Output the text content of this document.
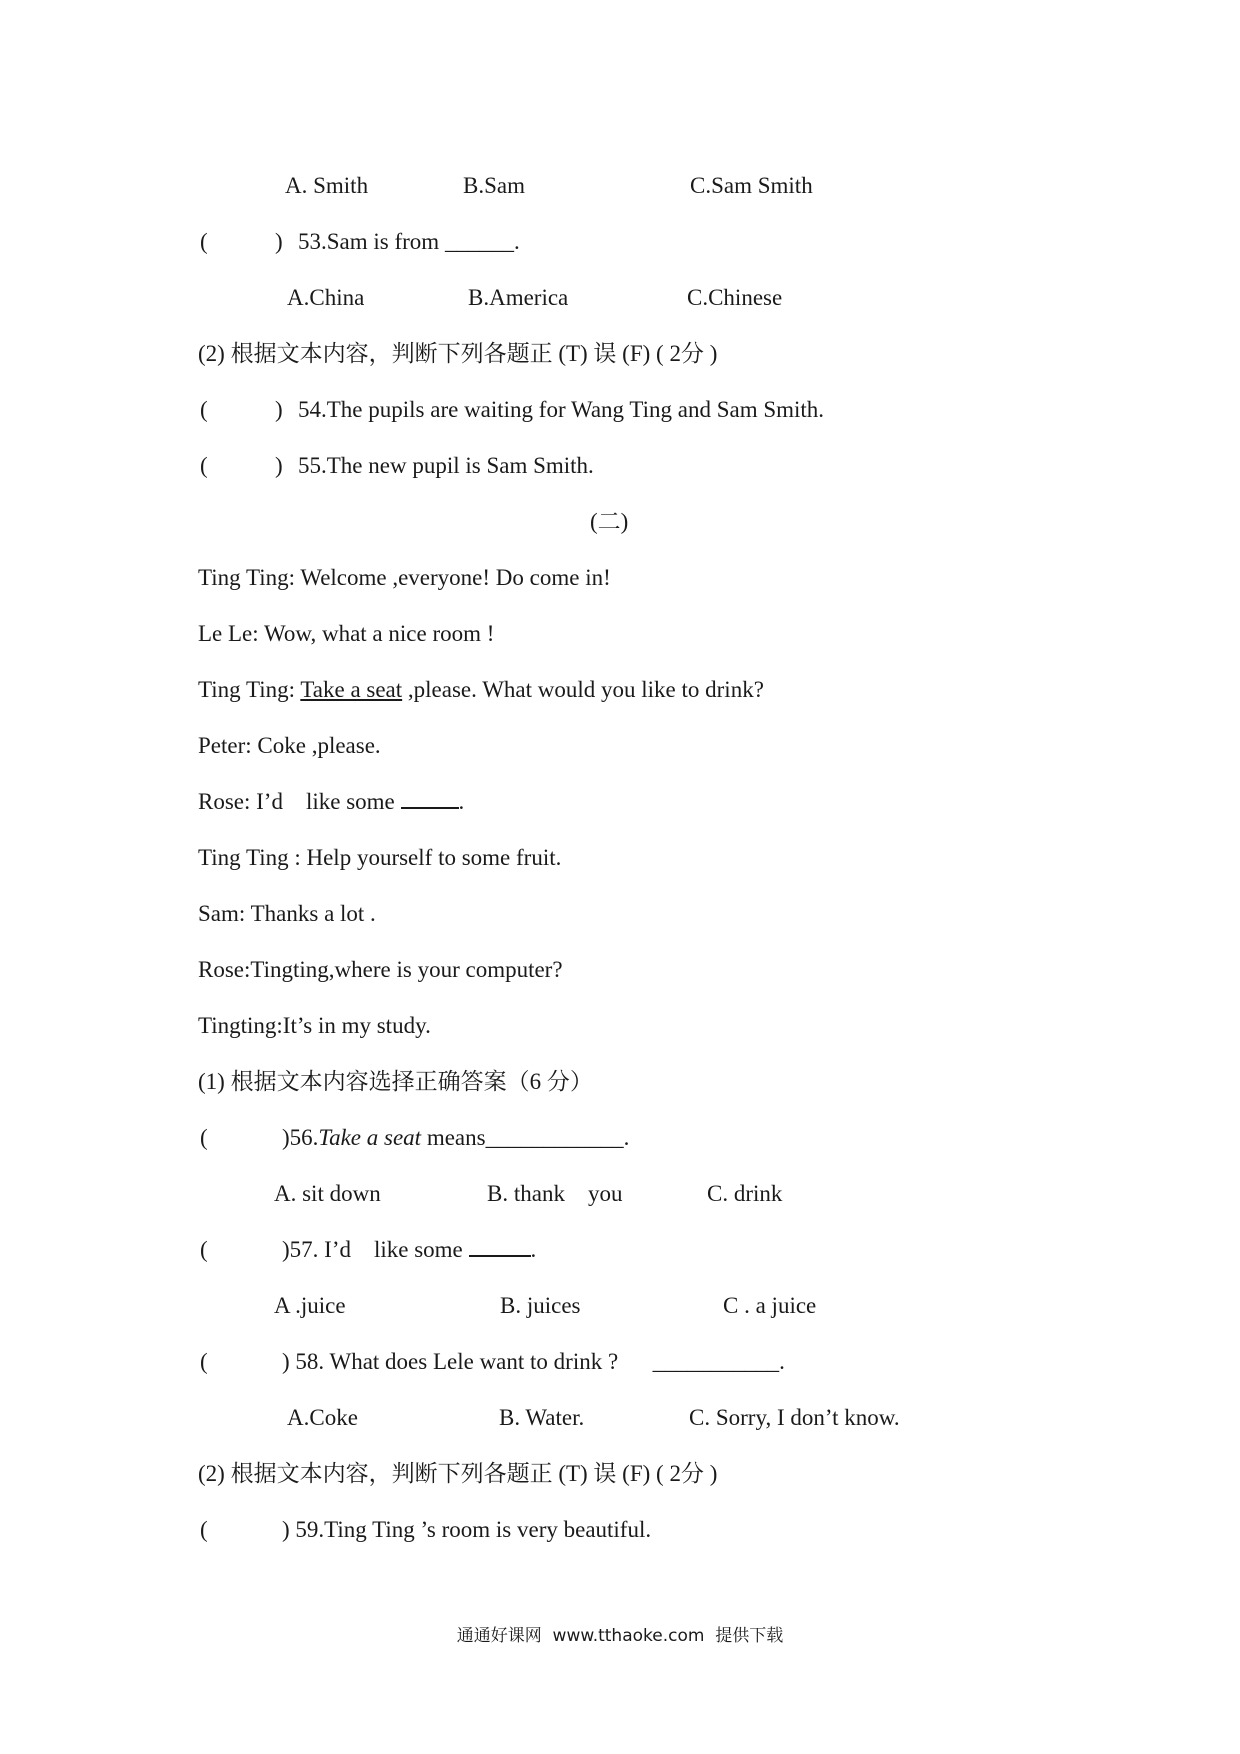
A. Smith	B.Sam	C.Sam Smith
(	) 53.Sam is from ______.
A.China	B.America	C.Chinese
(2) 根据文本内容，判断下列各题正 (T) 误 (F) ( 2分 )
(	) 54.The pupils are waiting for Wang Ting and Sam Smith.
(	) 55.The new pupil is Sam Smith.
(二)
Ting Ting: Welcome ,everyone! Do come in!
Le Le: Wow, what a nice room !
Ting Ting: Take a seat ,please. What would you like to drink?
Peter: Coke ,please.
Rose: I’d    like some	.
Ting Ting : Help yourself to some fruit.
Sam: Thanks a lot .
Rose:Tingting,where is your computer?
Tingting:It’s in my study.
(1) 根据文本内容选择正确答案（6 分）
(	)56.Take a seat means____________.
A. sit down	B. thank    you	C. drink
(	)57. I’d    like some	.
A .juice	B. juices	C . a juice
(	) 58. What does Lele want to drink ?      ___________.
A.Coke	B. Water.	C. Sorry, I don’t know.
(2) 根据文本内容，判断下列各题正 (T) 误 (F) ( 2分 )
(	) 59.Ting Ting ’s room is very beautiful.
通通好课网  www.tthaoke.com  提供下载
